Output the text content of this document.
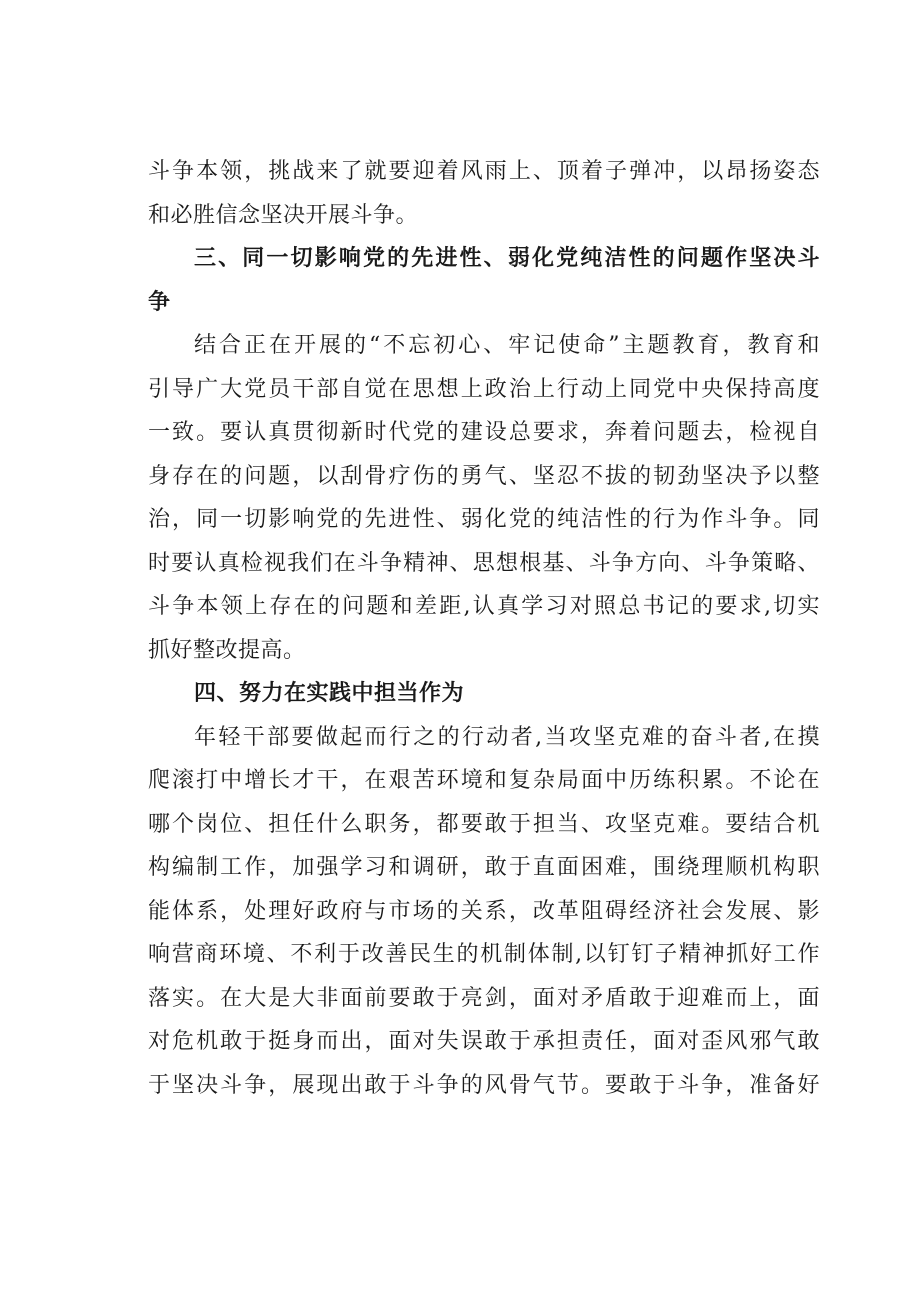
斗争本领，挑战来了就要迎着风雨上、顶着子弹冲，以昂扬姿态
和必胜信念坚决开展斗争。
三、同一切影响党的先进性、弱化党纯洁性的问题作坚决斗
争
结合正在开展的“不忘初心、牢记使命”主题教育，教育和
引导广大党员干部自觉在思想上政治上行动上同党中央保持高度
一致。要认真贯彻新时代党的建设总要求，奔着问题去，检视自
身存在的问题，以刮骨疗伤的勇气、坚忍不拔的韧劲坚决予以整
治，同一切影响党的先进性、弱化党的纯洁性的行为作斗争。同
时要认真检视我们在斗争精神、思想根基、斗争方向、斗争策略、
斗争本领上存在的问题和差距,认真学习对照总书记的要求,切实
抓好整改提高。
四、努力在实践中担当作为
年轻干部要做起而行之的行动者,当攻坚克难的奋斗者,在摸
爬滚打中增长才干，在艰苦环境和复杂局面中历练积累。不论在
哪个岗位、担任什么职务，都要敢于担当、攻坚克难。要结合机
构编制工作，加强学习和调研，敢于直面困难，围绕理顺机构职
能体系，处理好政府与市场的关系，改革阻碍经济社会发展、影
响营商环境、不利于改善民生的机制体制,以钉钉子精神抓好工作
落实。在大是大非面前要敢于亮剑，面对矛盾敢于迎难而上，面
对危机敢于挺身而出，面对失误敢于承担责任，面对歪风邪气敢
于坚决斗争，展现出敢于斗争的风骨气节。要敢于斗争，准备好
